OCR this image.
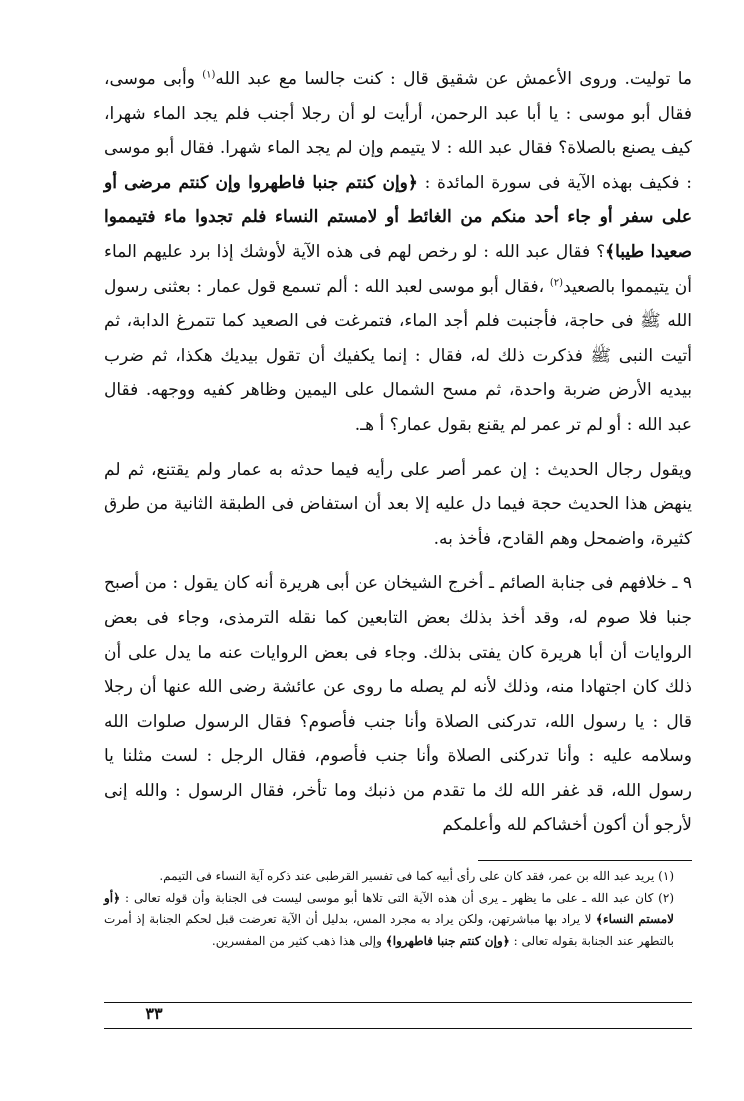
ما توليت. وروى الأعمش عن شقيق قال : كنت جالسا مع عبد الله$^{(١)}$ وأبى موسى، فقال أبو موسى : يا أبا عبد الرحمن، أرأيت لو أن رجلا أجنب فلم يجد الماء شهرا، كيف يصنع بالصلاة؟ فقال عبد الله : لا يتيمم وإن لم يجد الماء شهرا. فقال أبو موسى : فكيف بهذه الآية فى سورة المائدة : ﴿وإن كنتم جنبا فاطهروا وإن كنتم مرضى أو على سفر أو جاء أحد منكم من الغائط أو لامستم النساء فلم تجدوا ماء فتيمموا صعيدا طيبا﴾؟ فقال عبد الله : لو رخص لهم فى هذه الآية لأوشك إذا برد عليهم الماء أن يتيمموا بالصعيد$^{(٢)}$ ،فقال أبو موسى لعبد الله : ألم تسمع قول عمار : بعثنى رسول الله ﷺ فى حاجة، فأجنبت فلم أجد الماء، فتمرغت فى الصعيد كما تتمرغ الدابة، ثم أتيت النبى ﷺ فذكرت ذلك له، فقال : إنما يكفيك أن تقول بيديك هكذا، ثم ضرب بيديه الأرض ضربة واحدة، ثم مسح الشمال على اليمين وظاهر كفيه ووجهه. فقال عبد الله : أو لم تر عمر لم يقنع بقول عمار؟ أ هـ.

ويقول رجال الحديث : إن عمر أصر على رأيه فيما حدثه به عمار ولم يقتنع، ثم لم ينهض هذا الحديث حجة فيما دل عليه إلا بعد أن استفاض فى الطبقة الثانية من طرق كثيرة، واضمحل وهم القادح، فأخذ به.

٩ ـ خلافهم فى جنابة الصائم ـ أخرج الشيخان عن أبى هريرة أنه كان يقول : من أصبح جنبا فلا صوم له، وقد أخذ بذلك بعض التابعين كما نقله الترمذى، وجاء فى بعض الروايات أن أبا هريرة كان يفتى بذلك. وجاء فى بعض الروايات عنه ما يدل على أن ذلك كان اجتهادا منه، وذلك لأنه لم يصله ما روى عن عائشة رضى الله عنها أن رجلا قال : يا رسول الله، تدركنى الصلاة وأنا جنب فأصوم؟ فقال الرسول صلوات الله وسلامه عليه : وأنا تدركنى الصلاة وأنا جنب فأصوم، فقال الرجل : لست مثلنا يا رسول الله، قد غفر الله لك ما تقدم من ذنبك وما تأخر، فقال الرسول : والله إنى لأرجو أن أكون أخشاكم لله وأعلمكم

(١) يريد عبد الله بن عمر، فقد كان على رأى أبيه كما فى تفسير القرطبى عند ذكره آية النساء فى التيمم.

(٢) كان عبد الله ـ على ما يظهر ـ يرى أن هذه الآية التى تلاها أبو موسى ليست فى الجنابة وأن قوله تعالى : ﴿أو لامستم النساء﴾ لا يراد بها مباشرتهن، ولكن يراد به مجرد المس، بدليل أن الآية تعرضت قبل لحكم الجنابة إذ أمرت بالتطهر عند الجنابة بقوله تعالى : ﴿وإن كنتم جنبا فاطهروا﴾ وإلى هذا ذهب كثير من المفسرين.

٣٣
